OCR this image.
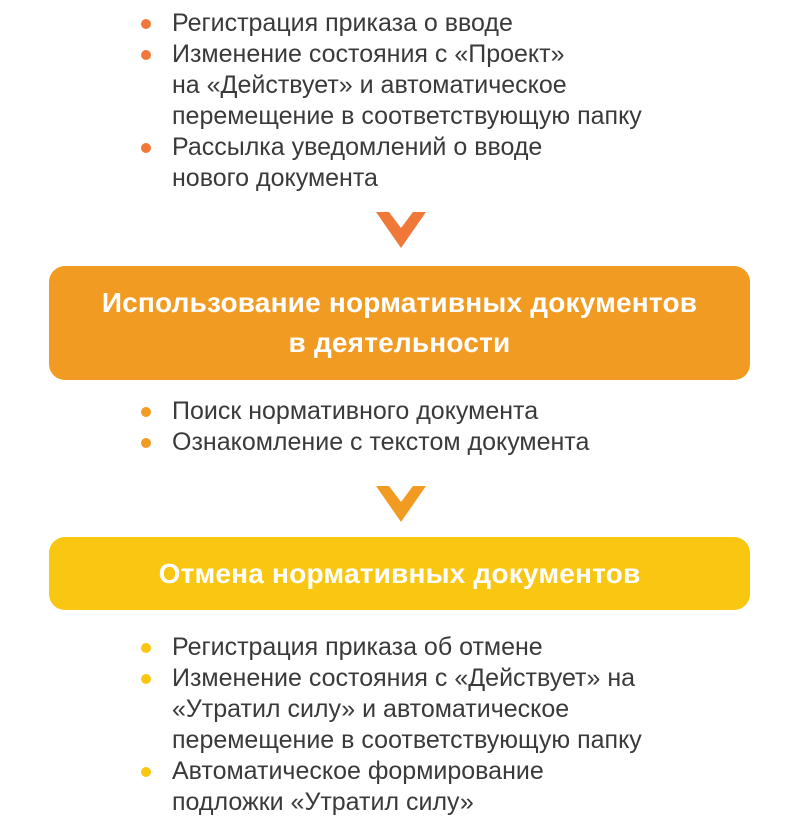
Регистрация приказа о вводе
Изменение состояния с «Проект»
на «Действует» и автоматическое
перемещение в соответствующую папку
Рассылка уведомлений о вводе
нового документа
Использование нормативных документов
в деятельности
Поиск нормативного документа
Ознакомление с текстом документа
Отмена нормативных документов
Регистрация приказа об отмене
Изменение состояния с «Действует» на
«Утратил силу» и автоматическое
перемещение в соответствующую папку
Автоматическое формирование
подложки «Утратил силу»
